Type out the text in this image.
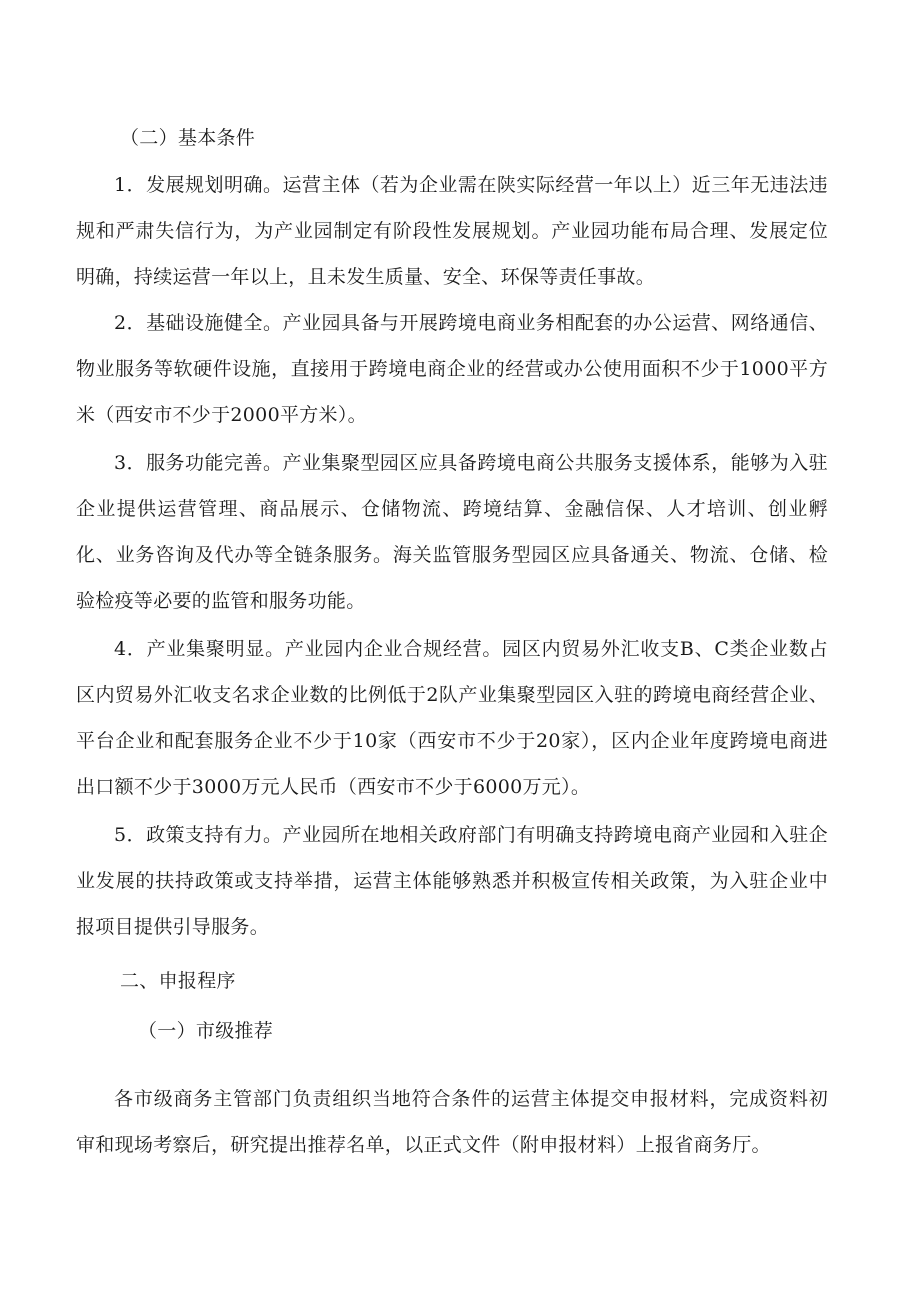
（二）基本条件

1．发展规划明确。运营主体（若为企业需在陕实际经营一年以上）近三年无违法违规和严肃失信行为，为产业园制定有阶段性发展规划。产业园功能布局合理、发展定位明确，持续运营一年以上，且未发生质量、安全、环保等责任事故。

2．基础设施健全。产业园具备与开展跨境电商业务相配套的办公运营、网络通信、物业服务等软硬件设施，直接用于跨境电商企业的经营或办公使用面积不少于1000平方米（西安市不少于2000平方米）。

3．服务功能完善。产业集聚型园区应具备跨境电商公共服务支援体系，能够为入驻企业提供运营管理、商品展示、仓储物流、跨境结算、金融信保、人才培训、创业孵化、业务咨询及代办等全链条服务。海关监管服务型园区应具备通关、物流、仓储、检验检疫等必要的监管和服务功能。

4．产业集聚明显。产业园内企业合规经营。园区内贸易外汇收支B、C类企业数占区内贸易外汇收支名求企业数的比例低于2队产业集聚型园区入驻的跨境电商经营企业、平台企业和配套服务企业不少于10家（西安市不少于20家），区内企业年度跨境电商进出口额不少于3000万元人民币（西安市不少于6000万元）。

5．政策支持有力。产业园所在地相关政府部门有明确支持跨境电商产业园和入驻企业发展的扶持政策或支持举措，运营主体能够熟悉并积极宣传相关政策，为入驻企业中报项目提供引导服务。

二、申报程序
（一）市级推荐

各市级商务主管部门负责组织当地符合条件的运营主体提交申报材料，完成资料初审和现场考察后，研究提出推荐名单，以正式文件（附申报材料）上报省商务厅。
